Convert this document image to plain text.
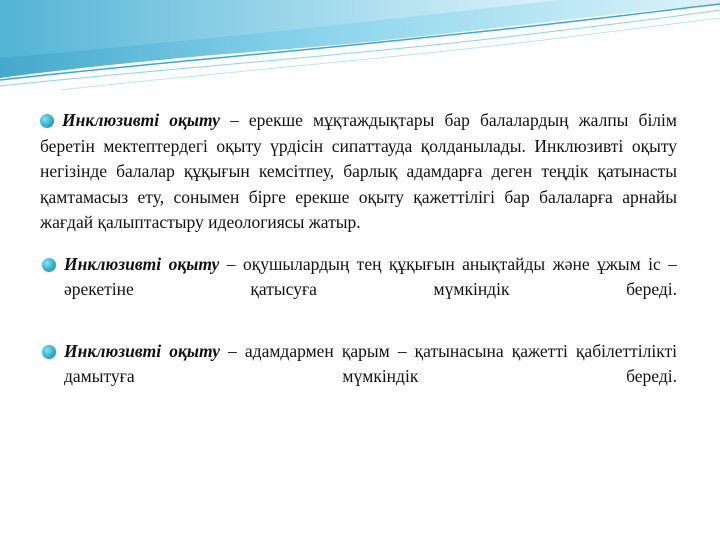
Инклюзивті оқыту – ерекше мұқтаждықтары бар балалардың жалпы білім беретін мектептердегі оқыту үрдісін сипаттауда қолданылады. Инклюзивті оқыту негізінде балалар құқығын кемсітпеу, барлық адамдарға деген теңдік қатынасты қамтамасыз ету, сонымен бірге ерекше оқыту қажеттілігі бар балаларға арнайы жағдай қалыптастыру идеологиясы жатыр.
Инклюзивті оқыту – оқушылардың тең құқығын анықтайды және ұжым іс – әрекетіне қатысуға мүмкіндік береді.
Инклюзивті оқыту – адамдармен қарым – қатынасына қажетті қабілеттілікті дамытуға мүмкіндік береді.
